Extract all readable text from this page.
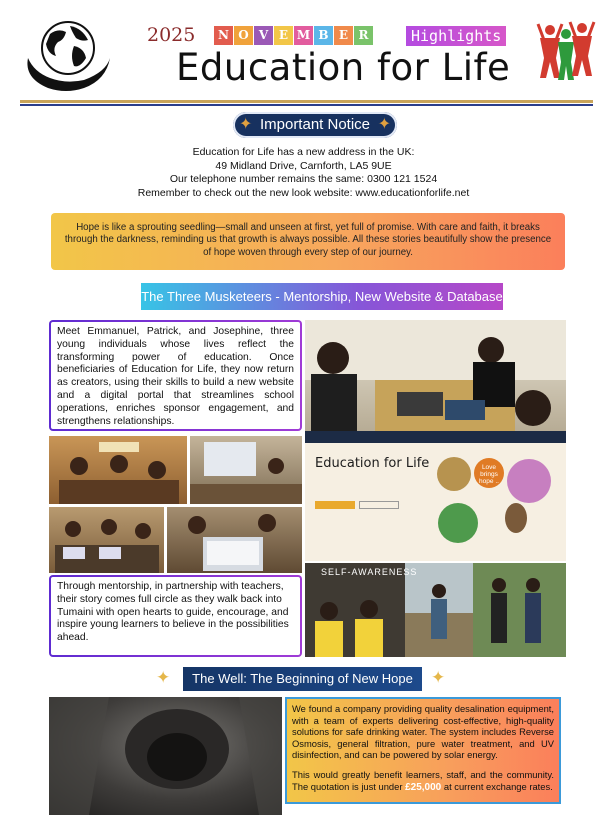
2025	N O V E M B E R	Highlights
Education for Life
✦ Important Notice ✦
Education for Life has a new address in the UK:
49 Midland Drive, Carnforth, LA5 9UE
Our telephone number remains the same: 0300 121 1524
Remember to check out the new look website: www.educationforlife.net
Hope is like a sprouting seedling—small and unseen at first, yet full of promise. With care and faith, it breaks through the darkness, reminding us that growth is always possible. All these stories beautifully show the presence of hope woven through every step of our journey.
The Three Musketeers - Mentorship, New Website & Database
Meet Emmanuel, Patrick, and Josephine, three young individuals whose lives reflect the transforming power of education. Once beneficiaries of Education for Life, they now return as creators, using their skills to build a new website and a digital portal that streamlines school operations, enriches sponsor engagement, and strengthens relationships.
Education for Life	Love brings hope ..
Through mentorship, in partnership with teachers, their story comes full circle as they walk back into Tumaini with open hearts to guide, encourage, and inspire young learners to believe in the possibilities ahead.
SELF-AWARENESS
✦	The Well: The Beginning of New Hope	✦

We found a company providing quality desalination equipment, with a team of experts delivering cost-effective, high-quality solutions for safe drinking water. The system includes Reverse Osmosis, general filtration, pure water treatment, and UV disinfection, and can be powered by solar energy.

This would greatly benefit learners, staff, and the community. The quotation is just under £25,000 at current exchange rates.
